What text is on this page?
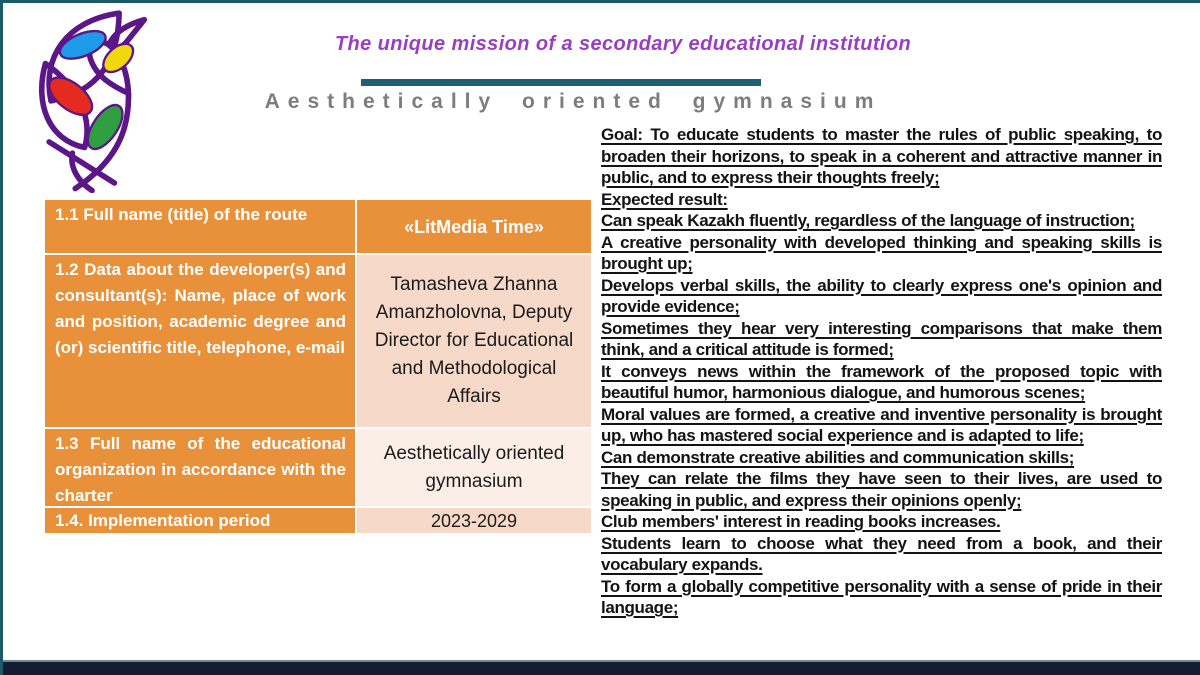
The unique mission of a secondary educational institution
Aesthetically oriented gymnasium
1.1 Full name (title) of the route
«LitMedia Time»
1.2 Data about the developer(s) and consultant(s): Name, place of work and position, academic degree and (or) scientific title, telephone, e-mail
Tamasheva Zhanna Amanzholovna, Deputy Director for Educational and Methodological Affairs
1.3 Full name of the educational organization in accordance with the charter
Aesthetically oriented gymnasium
1.4. Implementation period	2023-2029

Goal: To educate students to master the rules of public speaking, to broaden their horizons, to speak in a coherent and attractive manner in public, and to express their thoughts freely;

Expected result:

Can speak Kazakh fluently, regardless of the language of instruction;

A creative personality with developed thinking and speaking skills is brought up;

Develops verbal skills, the ability to clearly express one's opinion and provide evidence;

Sometimes they hear very interesting comparisons that make them think, and a critical attitude is formed;

It conveys news within the framework of the proposed topic with beautiful humor, harmonious dialogue, and humorous scenes;

Moral values are formed, a creative and inventive personality is brought up, who has mastered social experience and is adapted to life;

Can demonstrate creative abilities and communication skills;

They can relate the films they have seen to their lives, are used to speaking in public, and express their opinions openly;

Club members' interest in reading books increases.

Students learn to choose what they need from a book, and their vocabulary expands.

To form a globally competitive personality with a sense of pride in their language;
